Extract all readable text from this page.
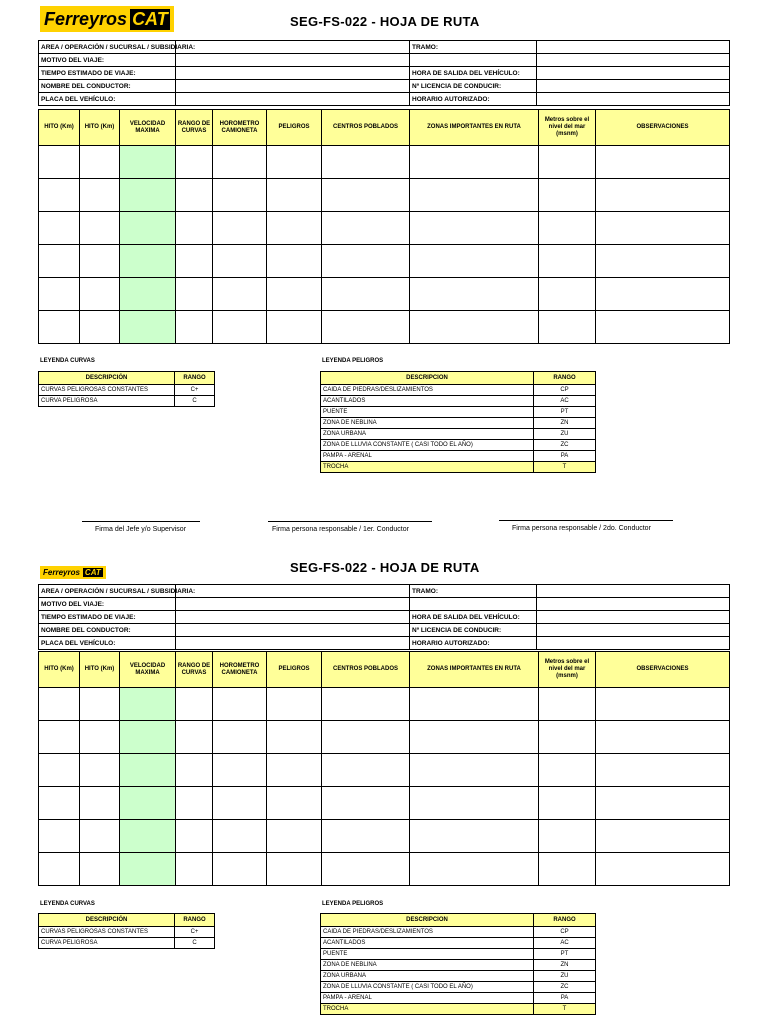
Ferreyros CAT	SEG-FS-022 - HOJA DE RUTA
AREA / OPERACIÓN / SUCURSAL / SUBSIDIARIA:		TRAMO:	
MOTIVO DEL VIAJE:			
TIEMPO ESTIMADO DE VIAJE:		HORA DE SALIDA DEL VEHÍCULO:	
NOMBRE DEL CONDUCTOR:		Nº LICENCIA DE CONDUCIR:	
PLACA DEL VEHÍCULO:		HORARIO AUTORIZADO:	
HITO (Km)	HITO (Km)	VELOCIDAD MAXIMA	RANGO DE CURVAS	HOROMETRO CAMIONETA	PELIGROS	CENTROS POBLADOS	ZONAS IMPORTANTES EN RUTA	Metros sobre el nivel del mar (msnm)	OBSERVACIONES

LEYENDA CURVAS
DESCRIPCIÓN	RANGO
CURVAS PELIGROSAS CONSTANTES	C+
CURVA PELIGROSA	C
LEYENDA PELIGROS
DESCRIPCION	RANGO
CAIDA DE PIEDRAS/DESLIZAMIENTOS	CP
ACANTILADOS	AC
PUENTE	PT
ZONA DE NEBLINA	ZN
ZONA URBANA	ZU
ZONA DE LLUVIA CONSTANTE ( CASI TODO EL AÑO)	ZC
PAMPA - ARENAL	PA
TROCHA	T
Firma del Jefe y/o Supervisor	Firma persona responsable / 1er. Conductor	Firma persona responsable / 2do. Conductor
Ferreyros CAT	SEG-FS-022 - HOJA DE RUTA
AREA / OPERACIÓN / SUCURSAL / SUBSIDIARIA:		TRAMO:	
MOTIVO DEL VIAJE:			
TIEMPO ESTIMADO DE VIAJE:		HORA DE SALIDA DEL VEHÍCULO:	
NOMBRE DEL CONDUCTOR:		Nº LICENCIA DE CONDUCIR:	
PLACA DEL VEHÍCULO:		HORARIO AUTORIZADO:	
HITO (Km)	HITO (Km)	VELOCIDAD MAXIMA	RANGO DE CURVAS	HOROMETRO CAMIONETA	PELIGROS	CENTROS POBLADOS	ZONAS IMPORTANTES EN RUTA	Metros sobre el nivel del mar (msnm)	OBSERVACIONES

LEYENDA CURVAS
DESCRIPCIÓN	RANGO
CURVAS PELIGROSAS CONSTANTES	C+
CURVA PELIGROSA	C
LEYENDA PELIGROS
DESCRIPCION	RANGO
CAIDA DE PIEDRAS/DESLIZAMIENTOS	CP
ACANTILADOS	AC
PUENTE	PT
ZONA DE NEBLINA	ZN
ZONA URBANA	ZU
ZONA DE LLUVIA CONSTANTE ( CASI TODO EL AÑO)	ZC
PAMPA - ARENAL	PA
TROCHA	T
